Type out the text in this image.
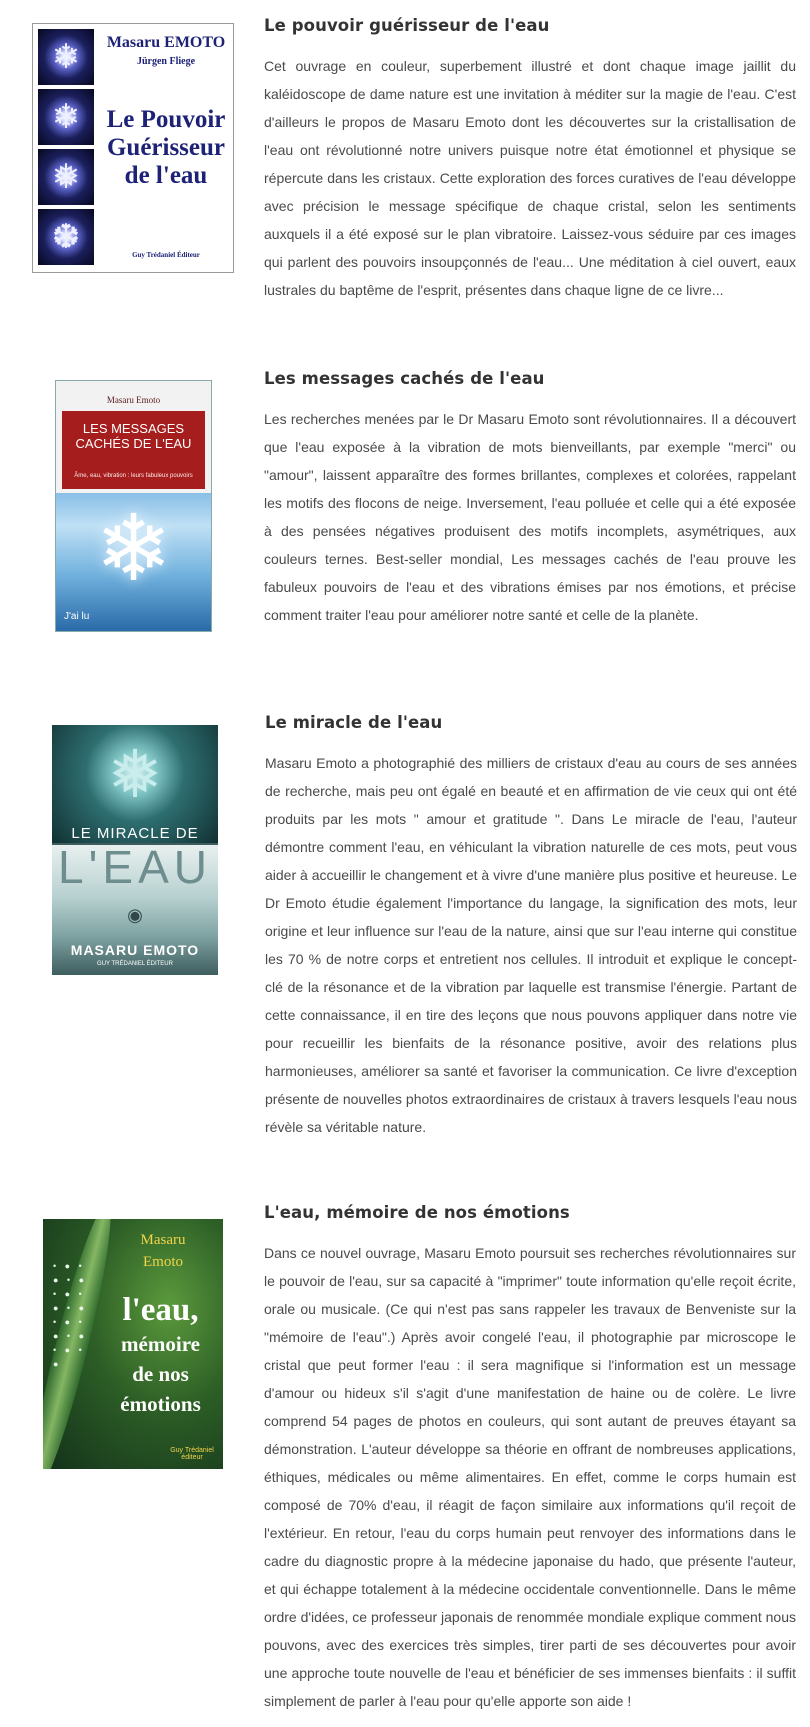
❄
❄
❅
❆
Masaru EMOTO
Jürgen Fliege
Le Pouvoir Guérisseur de l'eau
Guy Trédaniel Éditeur
Le pouvoir guérisseur de l'eau

Cet ouvrage en couleur, superbement illustré et dont chaque image jaillit du kaléidoscope de dame nature est une invitation à méditer sur la magie de l'eau. C'est d'ailleurs le propos de Masaru Emoto dont les découvertes sur la cristallisation de l'eau ont révolutionné notre univers puisque notre état émotionnel et physique se répercute dans les cristaux. Cette exploration des forces curatives de l'eau développe avec précision le message spécifique de chaque cristal, selon les sentiments auxquels il a été exposé sur le plan vibratoire. Laissez-vous séduire par ces images qui parlent des pouvoirs insoupçonnés de l'eau... Une méditation à ciel ouvert, eaux lustrales du baptême de l'esprit, présentes dans chaque ligne de ce livre...

Masaru Emoto
LES MESSAGES CACHÉS DE L'EAU
Âme, eau, vibration : leurs fabuleux pouvoirs
❄
J'ai lu
Les messages cachés de l'eau

Les recherches menées par le Dr Masaru Emoto sont révolutionnaires. Il a découvert que l'eau exposée à la vibration de mots bienveillants, par exemple "merci" ou "amour", laissent apparaître des formes brillantes, complexes et colorées, rappelant les motifs des flocons de neige. Inversement, l'eau polluée et celle qui a été exposée à des pensées négatives produisent des motifs incomplets, asymétriques, aux couleurs ternes. Best-seller mondial, Les messages cachés de l'eau prouve les fabuleux pouvoirs de l'eau et des vibrations émises par nos émotions, et précise comment traiter l'eau pour améliorer notre santé et celle de la planète.

❅
LE MIRACLE DE
L'EAU
◉
MASARU EMOTO
GUY TRÉDANIEL ÉDITEUR
Le miracle de l'eau

Masaru Emoto a photographié des milliers de cristaux d'eau au cours de ses années de recherche, mais peu ont égalé en beauté et en affirmation de vie ceux qui ont été produits par les mots " amour et gratitude ". Dans Le miracle de l'eau, l'auteur démontre comment l'eau, en véhiculant la vibration naturelle de ces mots, peut vous aider à accueillir le changement et à vivre d'une manière plus positive et heureuse. Le Dr Emoto étudie également l'importance du langage, la signification des mots, leur origine et leur influence sur l'eau de la nature, ainsi que sur l'eau interne qui constitue les 70 % de notre corps et entretient nos cellules. Il introduit et explique le concept-clé de la résonance et de la vibration par laquelle est transmise l'énergie. Partant de cette connaissance, il en tire des leçons que nous pouvons appliquer dans notre vie pour recueillir les bienfaits de la résonance positive, avoir des relations plus harmonieuses, améliorer sa santé et favoriser la communication. Ce livre d'exception présente de nouvelles photos extraordinaires de cristaux à travers lesquels l'eau nous révèle sa véritable nature.

• ● • ● • ● • ● • ● • ● • ● • ● • ● • ● • ●
Masaru
Emoto
l'eau,
mémoire
de nos
émotions
Guy Trédaniel éditeur
L'eau, mémoire de nos émotions

Dans ce nouvel ouvrage, Masaru Emoto poursuit ses recherches révolutionnaires sur le pouvoir de l'eau, sur sa capacité à "imprimer" toute information qu'elle reçoit écrite, orale ou musicale. (Ce qui n'est pas sans rappeler les travaux de Benveniste sur la "mémoire de l'eau".) Après avoir congelé l'eau, il photographie par microscope le cristal que peut former l'eau : il sera magnifique si l'information est un message d'amour ou hideux s'il s'agit d'une manifestation de haine ou de colère. Le livre comprend 54 pages de photos en couleurs, qui sont autant de preuves étayant sa démonstration. L'auteur développe sa théorie en offrant de nombreuses applications, éthiques, médicales ou même alimentaires. En effet, comme le corps humain est composé de 70% d'eau, il réagit de façon similaire aux informations qu'il reçoit de l'extérieur. En retour, l'eau du corps humain peut renvoyer des informations dans le cadre du diagnostic propre à la médecine japonaise du hado, que présente l'auteur, et qui échappe totalement à la médecine occidentale conventionnelle. Dans le même ordre d'idées, ce professeur japonais de renommée mondiale explique comment nous pouvons, avec des exercices très simples, tirer parti de ses découvertes pour avoir une approche toute nouvelle de l'eau et bénéficier de ses immenses bienfaits : il suffit simplement de parler à l'eau pour qu'elle apporte son aide !
